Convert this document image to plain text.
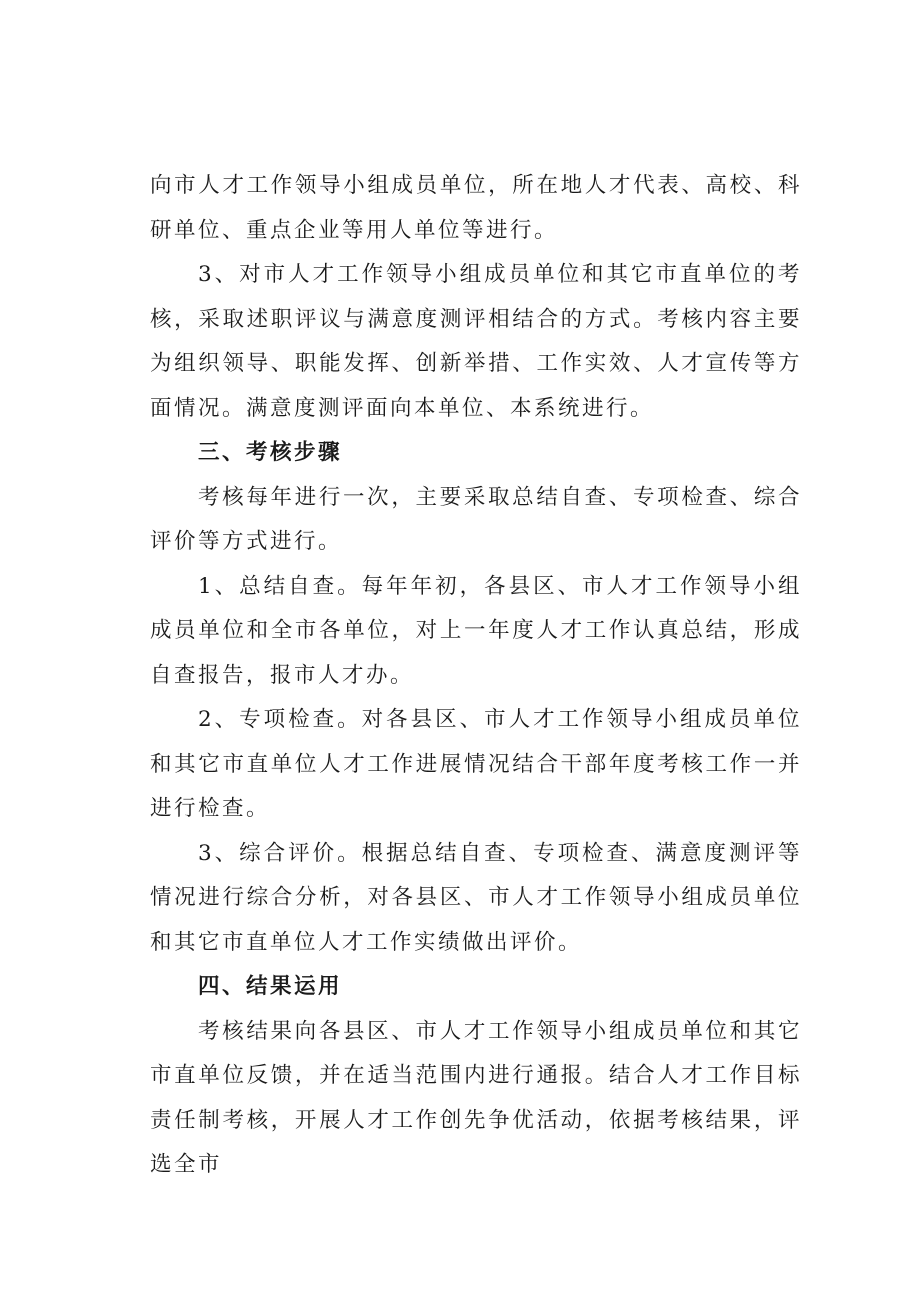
向市人才工作领导小组成员单位，所在地人才代表、高校、科研单位、重点企业等用人单位等进行。

3、对市人才工作领导小组成员单位和其它市直单位的考核，采取述职评议与满意度测评相结合的方式。考核内容主要为组织领导、职能发挥、创新举措、工作实效、人才宣传等方面情况。满意度测评面向本单位、本系统进行。

三、考核步骤

考核每年进行一次，主要采取总结自查、专项检查、综合评价等方式进行。

1、总结自查。每年年初，各县区、市人才工作领导小组成员单位和全市各单位，对上一年度人才工作认真总结，形成自查报告，报市人才办。

2、专项检查。对各县区、市人才工作领导小组成员单位和其它市直单位人才工作进展情况结合干部年度考核工作一并进行检查。

3、综合评价。根据总结自查、专项检查、满意度测评等情况进行综合分析，对各县区、市人才工作领导小组成员单位和其它市直单位人才工作实绩做出评价。

四、结果运用

考核结果向各县区、市人才工作领导小组成员单位和其它市直单位反馈，并在适当范围内进行通报。结合人才工作目标责任制考核，开展人才工作创先争优活动，依据考核结果，评选全市
